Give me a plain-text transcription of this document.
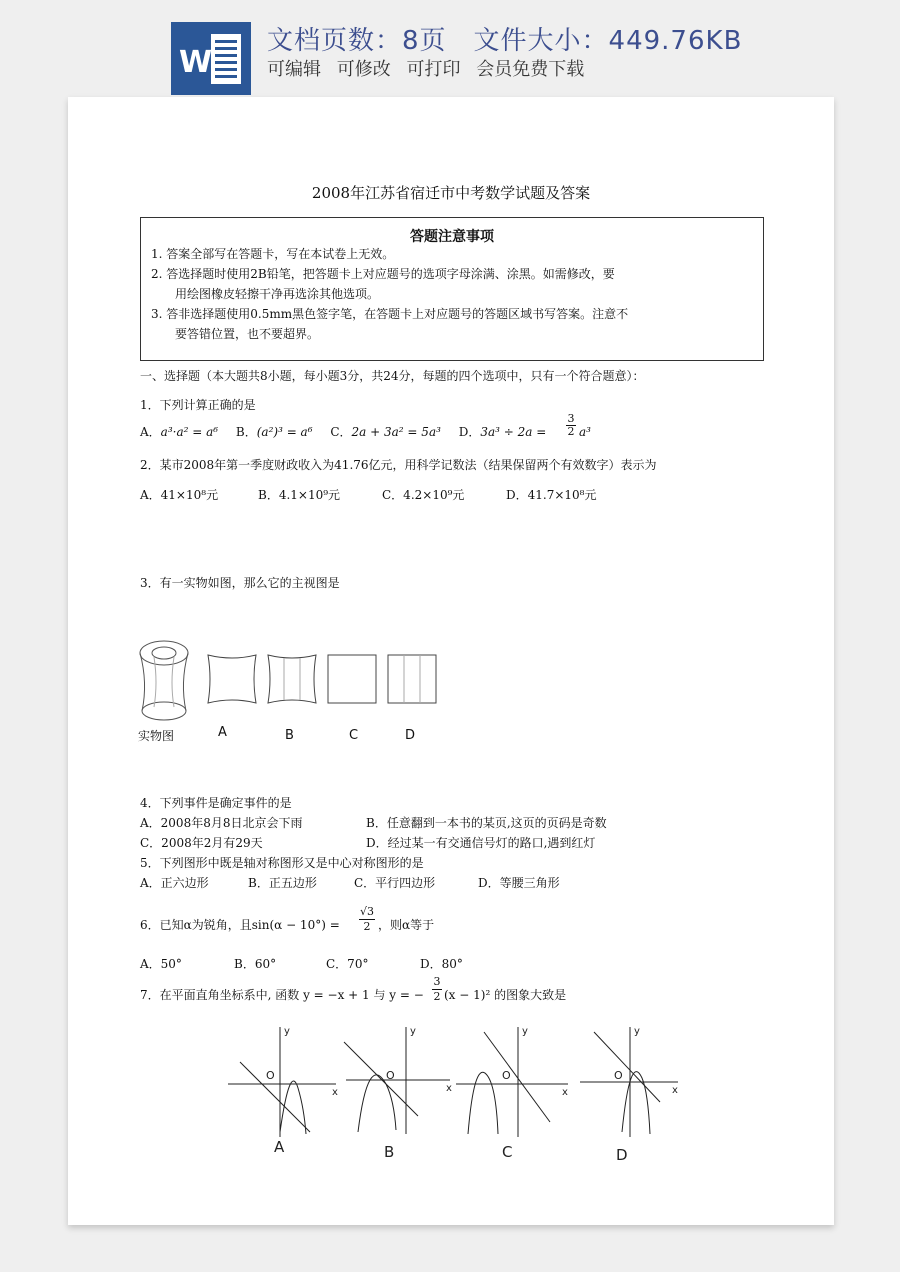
W
文档页数：8页　文件大小：449.76KB
可编辑 可修改 可打印 会员免费下载
2008年江苏省宿迁市中考数学试题及答案
答题注意事项

1. 答案全部写在答题卡，写在本试卷上无效。

2. 答选择题时使用2B铅笔，把答题卡上对应题号的选项字母涂满、涂黑。如需修改，要

　　用绘图橡皮轻擦干净再选涂其他选项。

3. 答非选择题使用0.5mm黑色签字笔，在答题卡上对应题号的答题区域书写答案。注意不

　　要答错位置，也不要超界。

一、选择题（本大题共8小题，每小题3分，共24分，每题的四个选项中，只有一个符合题意）：
1．下列计算正确的是
A．a³·a² = a⁶ B．(a²)³ = a⁶ C．2a + 3a² = 5a³ D．$3a^3 \div 2a = \frac{3}{2} a^3$
2．某市2008年第一季度财政收入为41.76亿元，用科学记数法（结果保留两个有效数字）表示为
A．41×10⁸元	B．4.1×10⁹元	C．4.2×10⁹元	D．41.7×10⁸元
3．有一实物如图，那么它的主视图是
实物图	A	B	C	D
4．下列事件是确定事件的是
A．2008年8月8日北京会下雨	B．任意翻到一本书的某页,这页的页码是奇数
C．2008年2月有29天	D．经过某一有交通信号灯的路口,遇到红灯
5．下列图形中既是轴对称图形又是中心对称图形的是
A．正六边形	B．正五边形	C．平行四边形	D．等腰三角形
6．已知α为锐角，且$\sin(\alpha - 10^\circ) = \frac{√3}{2}$ ，则α等于
A．50°	B．60°	C．70°	D．80°
7．在平面直角坐标系中, 函数 y = −x + 1 与 y = − $\frac{3}{2} (x - 1)^2$ 的图象大致是
y
x
O
y
x
O
y
x
O
y
x
O
A	B	C	D
